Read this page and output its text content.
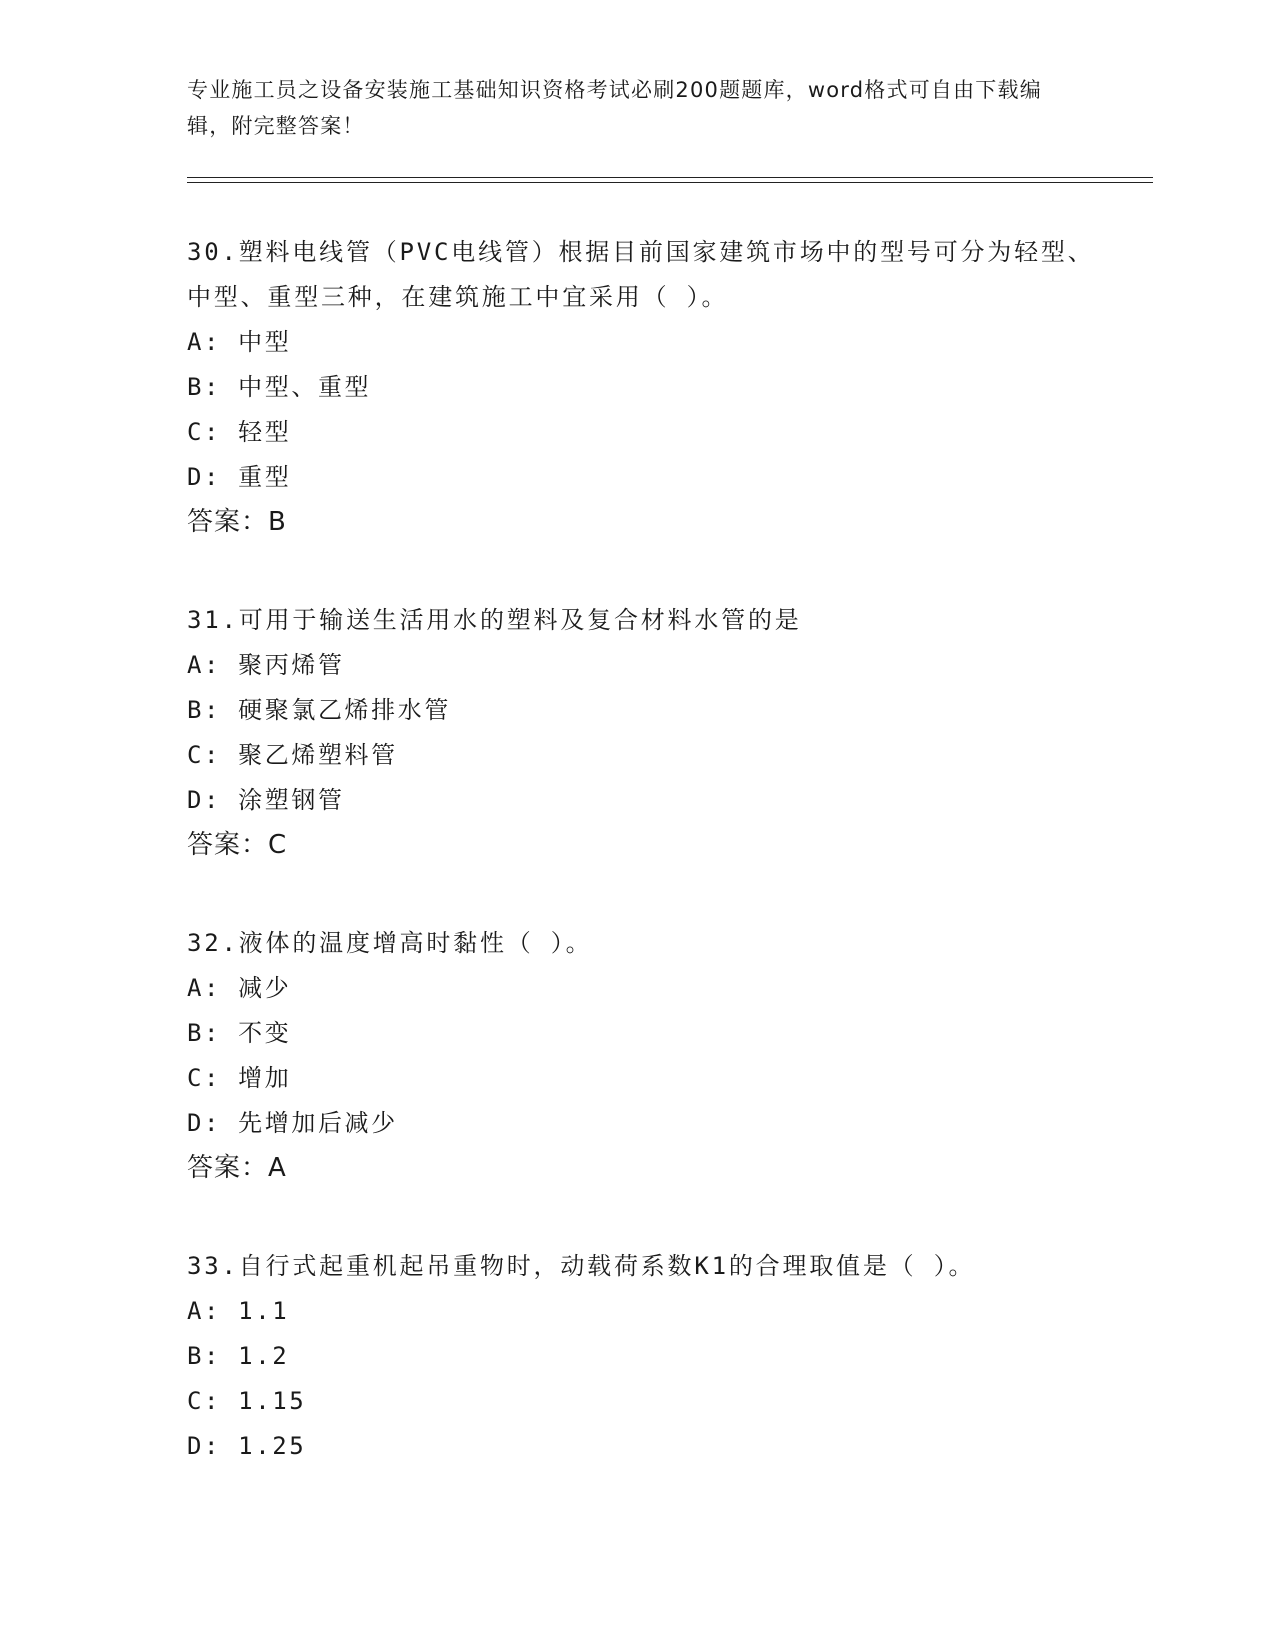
专业施工员之设备安装施工基础知识资格考试必刷200题题库，word格式可自由下载编辑，附完整答案！

30.塑料电线管（PVC电线管）根据目前国家建筑市场中的型号可分为轻型、中型、重型三种，在建筑施工中宜采用（ ）。

A: 中型
B: 中型、重型
C: 轻型
D: 重型
答案：B

31.可用于输送生活用水的塑料及复合材料水管的是

A: 聚丙烯管
B: 硬聚氯乙烯排水管
C: 聚乙烯塑料管
D: 涂塑钢管
答案：C

32.液体的温度增高时黏性（ ）。

A: 减少
B: 不变
C: 增加
D: 先增加后减少
答案：A

33.自行式起重机起吊重物时，动载荷系数K1的合理取值是（ ）。

A: 1.1
B: 1.2
C: 1.15
D: 1.25
